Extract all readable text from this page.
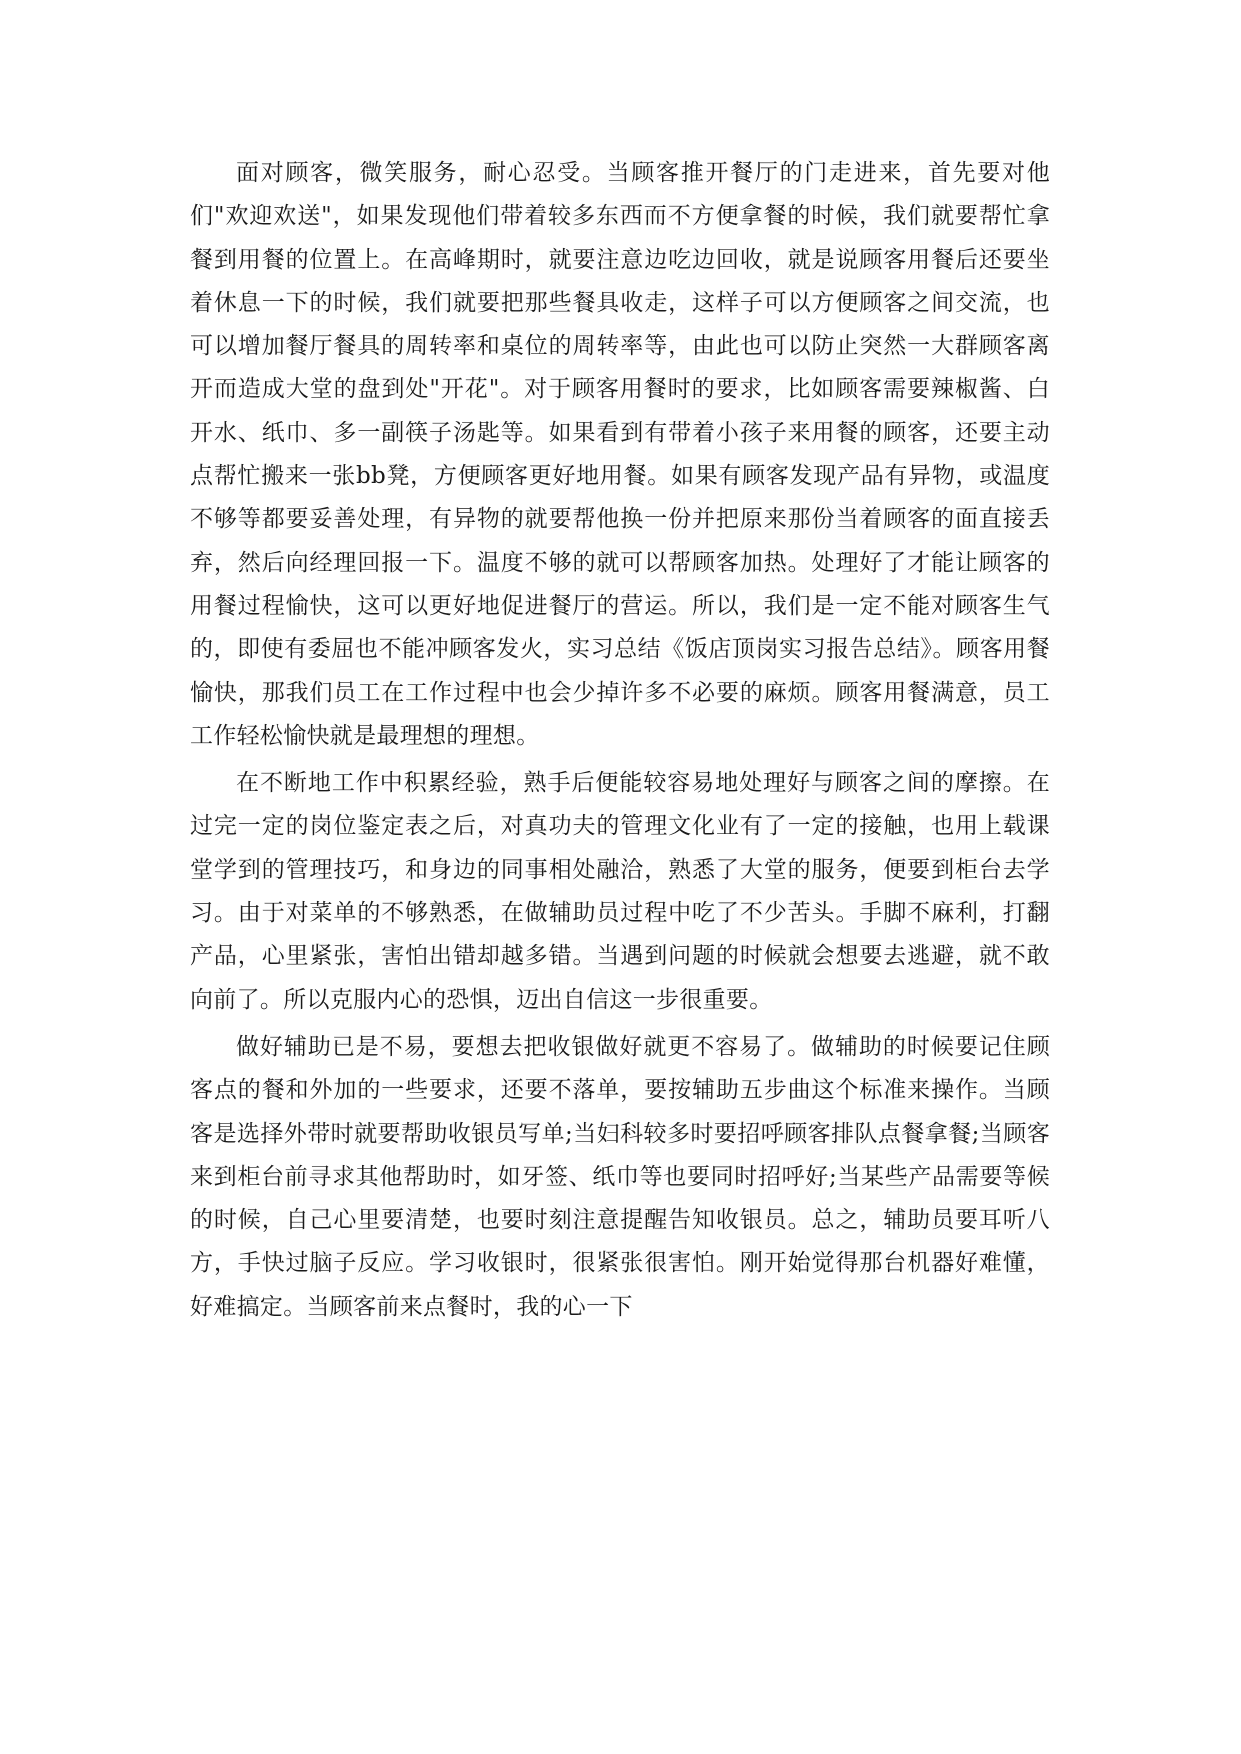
面对顾客，微笑服务，耐心忍受。当顾客推开餐厅的门走进来，首先要对他们"欢迎欢送"，如果发现他们带着较多东西而不方便拿餐的时候，我们就要帮忙拿餐到用餐的位置上。在高峰期时，就要注意边吃边回收，就是说顾客用餐后还要坐着休息一下的时候，我们就要把那些餐具收走，这样子可以方便顾客之间交流，也可以增加餐厅餐具的周转率和桌位的周转率等，由此也可以防止突然一大群顾客离开而造成大堂的盘到处"开花"。对于顾客用餐时的要求，比如顾客需要辣椒酱、白开水、纸巾、多一副筷子汤匙等。如果看到有带着小孩子来用餐的顾客，还要主动点帮忙搬来一张bb凳，方便顾客更好地用餐。如果有顾客发现产品有异物，或温度不够等都要妥善处理，有异物的就要帮他换一份并把原来那份当着顾客的面直接丢弃，然后向经理回报一下。温度不够的就可以帮顾客加热。处理好了才能让顾客的用餐过程愉快，这可以更好地促进餐厅的营运。所以，我们是一定不能对顾客生气的，即使有委屈也不能冲顾客发火，实习总结《饭店顶岗实习报告总结》。顾客用餐愉快，那我们员工在工作过程中也会少掉许多不必要的麻烦。顾客用餐满意，员工工作轻松愉快就是最理想的理想。

在不断地工作中积累经验，熟手后便能较容易地处理好与顾客之间的摩擦。在过完一定的岗位鉴定表之后，对真功夫的管理文化业有了一定的接触，也用上载课堂学到的管理技巧，和身边的同事相处融洽，熟悉了大堂的服务，便要到柜台去学习。由于对菜单的不够熟悉，在做辅助员过程中吃了不少苦头。手脚不麻利，打翻产品，心里紧张，害怕出错却越多错。当遇到问题的时候就会想要去逃避，就不敢向前了。所以克服内心的恐惧，迈出自信这一步很重要。

做好辅助已是不易，要想去把收银做好就更不容易了。做辅助的时候要记住顾客点的餐和外加的一些要求，还要不落单，要按辅助五步曲这个标准来操作。当顾客是选择外带时就要帮助收银员写单;当妇科较多时要招呼顾客排队点餐拿餐;当顾客来到柜台前寻求其他帮助时，如牙签、纸巾等也要同时招呼好;当某些产品需要等候的时候，自己心里要清楚，也要时刻注意提醒告知收银员。总之，辅助员要耳听八方，手快过脑子反应。学习收银时，很紧张很害怕。刚开始觉得那台机器好难懂，好难搞定。当顾客前来点餐时，我的心一下
